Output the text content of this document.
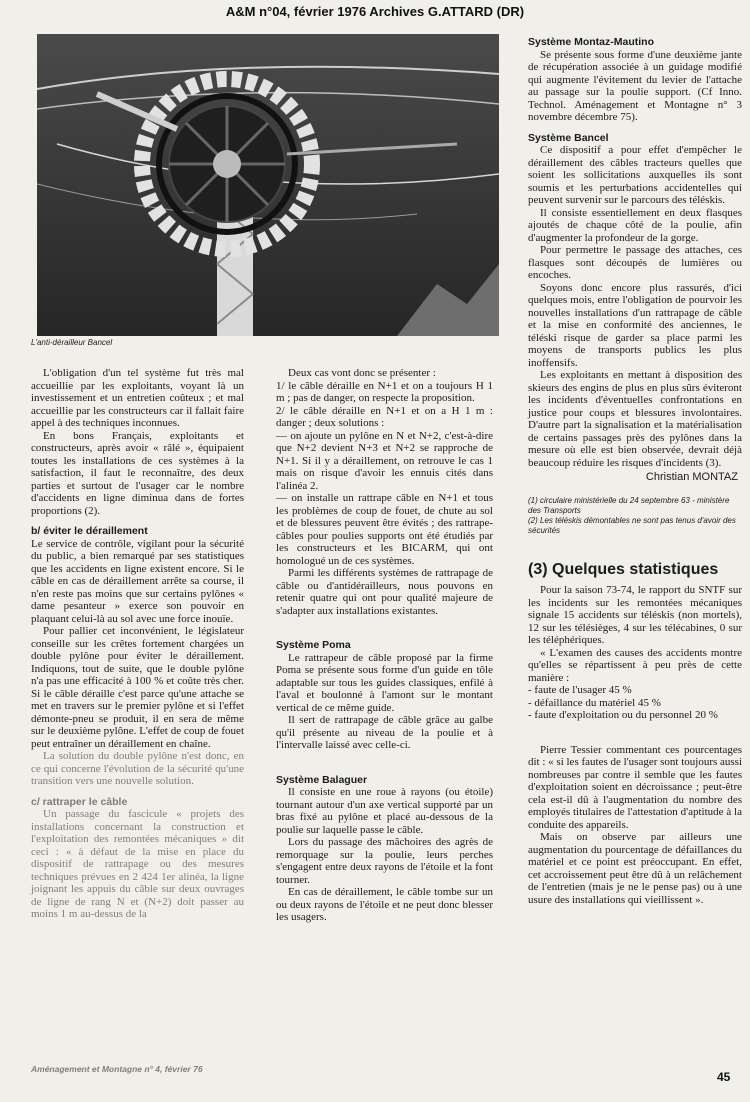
A&M n°04, février 1976 Archives G.ATTARD (DR)
L'anti-dérailleur Bancel

L'obligation d'un tel système fut très mal accueillie par les exploitants, voyant là un investissement et un entretien coûteux ; et mal accueillie par les constructeurs car il fallait faire appel à des techniques inconnues.

En bons Français, exploitants et constructeurs, après avoir « râlé », équipaient toutes les installations de ces systèmes à la satisfaction, il faut le reconnaître, des deux parties et surtout de l'usager car le nombre d'accidents en ligne diminua dans de fortes proportions (2).

b/ éviter le déraillement

Le service de contrôle, vigilant pour la sécurité du public, a bien remarqué par ses statistiques que les accidents en ligne existent encore. Si le câble en cas de déraillement arrête sa course, il n'en reste pas moins que sur certains pylônes « dame pesanteur » exerce son pouvoir en plaquant celui-là au sol avec une force inouïe.

Pour pallier cet inconvénient, le législateur conseille sur les crêtes fortement chargées un double pylône pour éviter le déraillement. Indiquons, tout de suite, que le double pylône n'a pas une efficacité à 100 % et coûte très cher. Si le câble déraille c'est parce qu'une attache se met en travers sur le premier pylône et si l'effet démonte-pneu se produit, il en sera de même sur le deuxième pylône. L'effet de coup de fouet peut entraîner un déraillement en chaîne.

La solution du double pylône n'est donc, en ce qui concerne l'évolution de la sécurité qu'une transition vers une nouvelle solution.

c/ rattraper le câble

Un passage du fascicule « projets des installations concernant la construction et l'exploitation des remontées mécaniques » dit ceci : « à défaut de la mise en place du dispositif de rattrapage ou des mesures techniques prévues en 2 424 1er alinéa, la ligne joignant les appuis du câble sur deux ouvrages de ligne de rang N et (N+2) doit passer au moins 1 m au-dessus de la

Deux cas vont donc se présenter :

1/ le câble déraille en N+1 et on a toujours H 1 m ; pas de danger, on respecte la proposition.

2/ le câble déraille en N+1 et on a H 1 m : danger ; deux solutions :

— on ajoute un pylône en N et N+2, c'est-à-dire que N+2 devient N+3 et N+2 se rapproche de N+1. Si il y a déraillement, on retrouve le cas 1 mais on risque d'avoir les ennuis cités dans l'alinéa 2.

— on installe un rattrape câble en N+1 et tous les problèmes de coup de fouet, de chute au sol et de blessures peuvent être évités ; des rattrape-câbles pour poulies supports ont été étudiés par les constructeurs et les BICARM, qui ont homologué un de ces systèmes.

Parmi les différents systèmes de rattrapage de câble ou d'antidérailleurs, nous pouvons en retenir quatre qui ont pour qualité majeure de s'adapter aux installations existantes.

Système Poma

Le rattrapeur de câble proposé par la firme Poma se présente sous forme d'un guide en tôle adaptable sur tous les guides classiques, enfilé à l'aval et boulonné à l'amont sur le montant vertical de ce même guide.

Il sert de rattrapage de câble grâce au galbe qu'il présente au niveau de la poulie et à l'intervalle laissé avec celle-ci.

Système Balaguer

Il consiste en une roue à rayons (ou étoile) tournant autour d'un axe vertical supporté par un bras fixé au pylône et placé au-dessous de la poulie sur laquelle passe le câble.

Lors du passage des mâchoires des agrès de remorquage sur la poulie, leurs perches s'engagent entre deux rayons de l'étoile et la font tourner.

En cas de déraillement, le câble tombe sur un ou deux rayons de l'étoile et ne peut donc blesser les usagers.

Système Montaz-Mautino

Se présente sous forme d'une deuxième jante de récupération associée à un guidage modifié qui augmente l'évitement du levier de l'attache au passage sur la poulie support. (Cf Inno. Technol. Aménagement et Montagne n° 3 novembre décembre 75).

Système Bancel

Ce dispositif a pour effet d'empêcher le déraillement des câbles tracteurs quelles que soient les sollicitations auxquelles ils sont soumis et les perturbations accidentelles qui peuvent survenir sur le parcours des téléskis.

Il consiste essentiellement en deux flasques ajoutés de chaque côté de la poulie, afin d'augmenter la profondeur de la gorge.

Pour permettre le passage des attaches, ces flasques sont découpés de lumières ou encoches.

Soyons donc encore plus rassurés, d'ici quelques mois, entre l'obligation de pourvoir les nouvelles installations d'un rattrapage de câble et la mise en conformité des anciennes, le téléski risque de garder sa place parmi les moyens de transports publics les plus inoffensifs.

Les exploitants en mettant à disposition des skieurs des engins de plus en plus sûrs éviteront les incidents d'éventuelles confrontations en justice pour coups et blessures involontaires. D'autre part la signalisation et la matérialisation de certains passages près des pylônes dans la mesure où elle est bien observée, devrait déjà beaucoup réduire les risques d'incidents (3).

Christian MONTAZ
(1) circulaire ministérielle du 24 septembre 63 - ministère des Transports
(2) Les téléskis démontables ne sont pas tenus d'avoir des sécurités
(3) Quelques statistiques

Pour la saison 73-74, le rapport du SNTF sur les incidents sur les remontées mécaniques signale 15 accidents sur téléskis (non mortels), 12 sur les télésièges, 4 sur les télécabines, 0 sur les téléphériques.

« L'examen des causes des accidents montre qu'elles se répartissent à peu près de cette manière :

- faute de l'usager 45 %

- défaillance du matériel 45 %

- faute d'exploitation ou du personnel 20 %

Pierre Tessier commentant ces pourcentages dit : « si les fautes de l'usager sont toujours aussi nombreuses par contre il semble que les fautes d'exploitation soient en décroissance ; peut-être cela est-il dû à l'augmentation du nombre des employés titulaires de l'attestation d'aptitude à la conduite des appareils.

Mais on observe par ailleurs une augmentation du pourcentage de défaillances du matériel et ce point est préoccupant. En effet, cet accroissement peut être dû à un relâchement de l'entretien (mais je ne le pense pas) ou à une usure des installations qui vieillissent ».

Aménagement et Montagne n° 4, février 76
45
